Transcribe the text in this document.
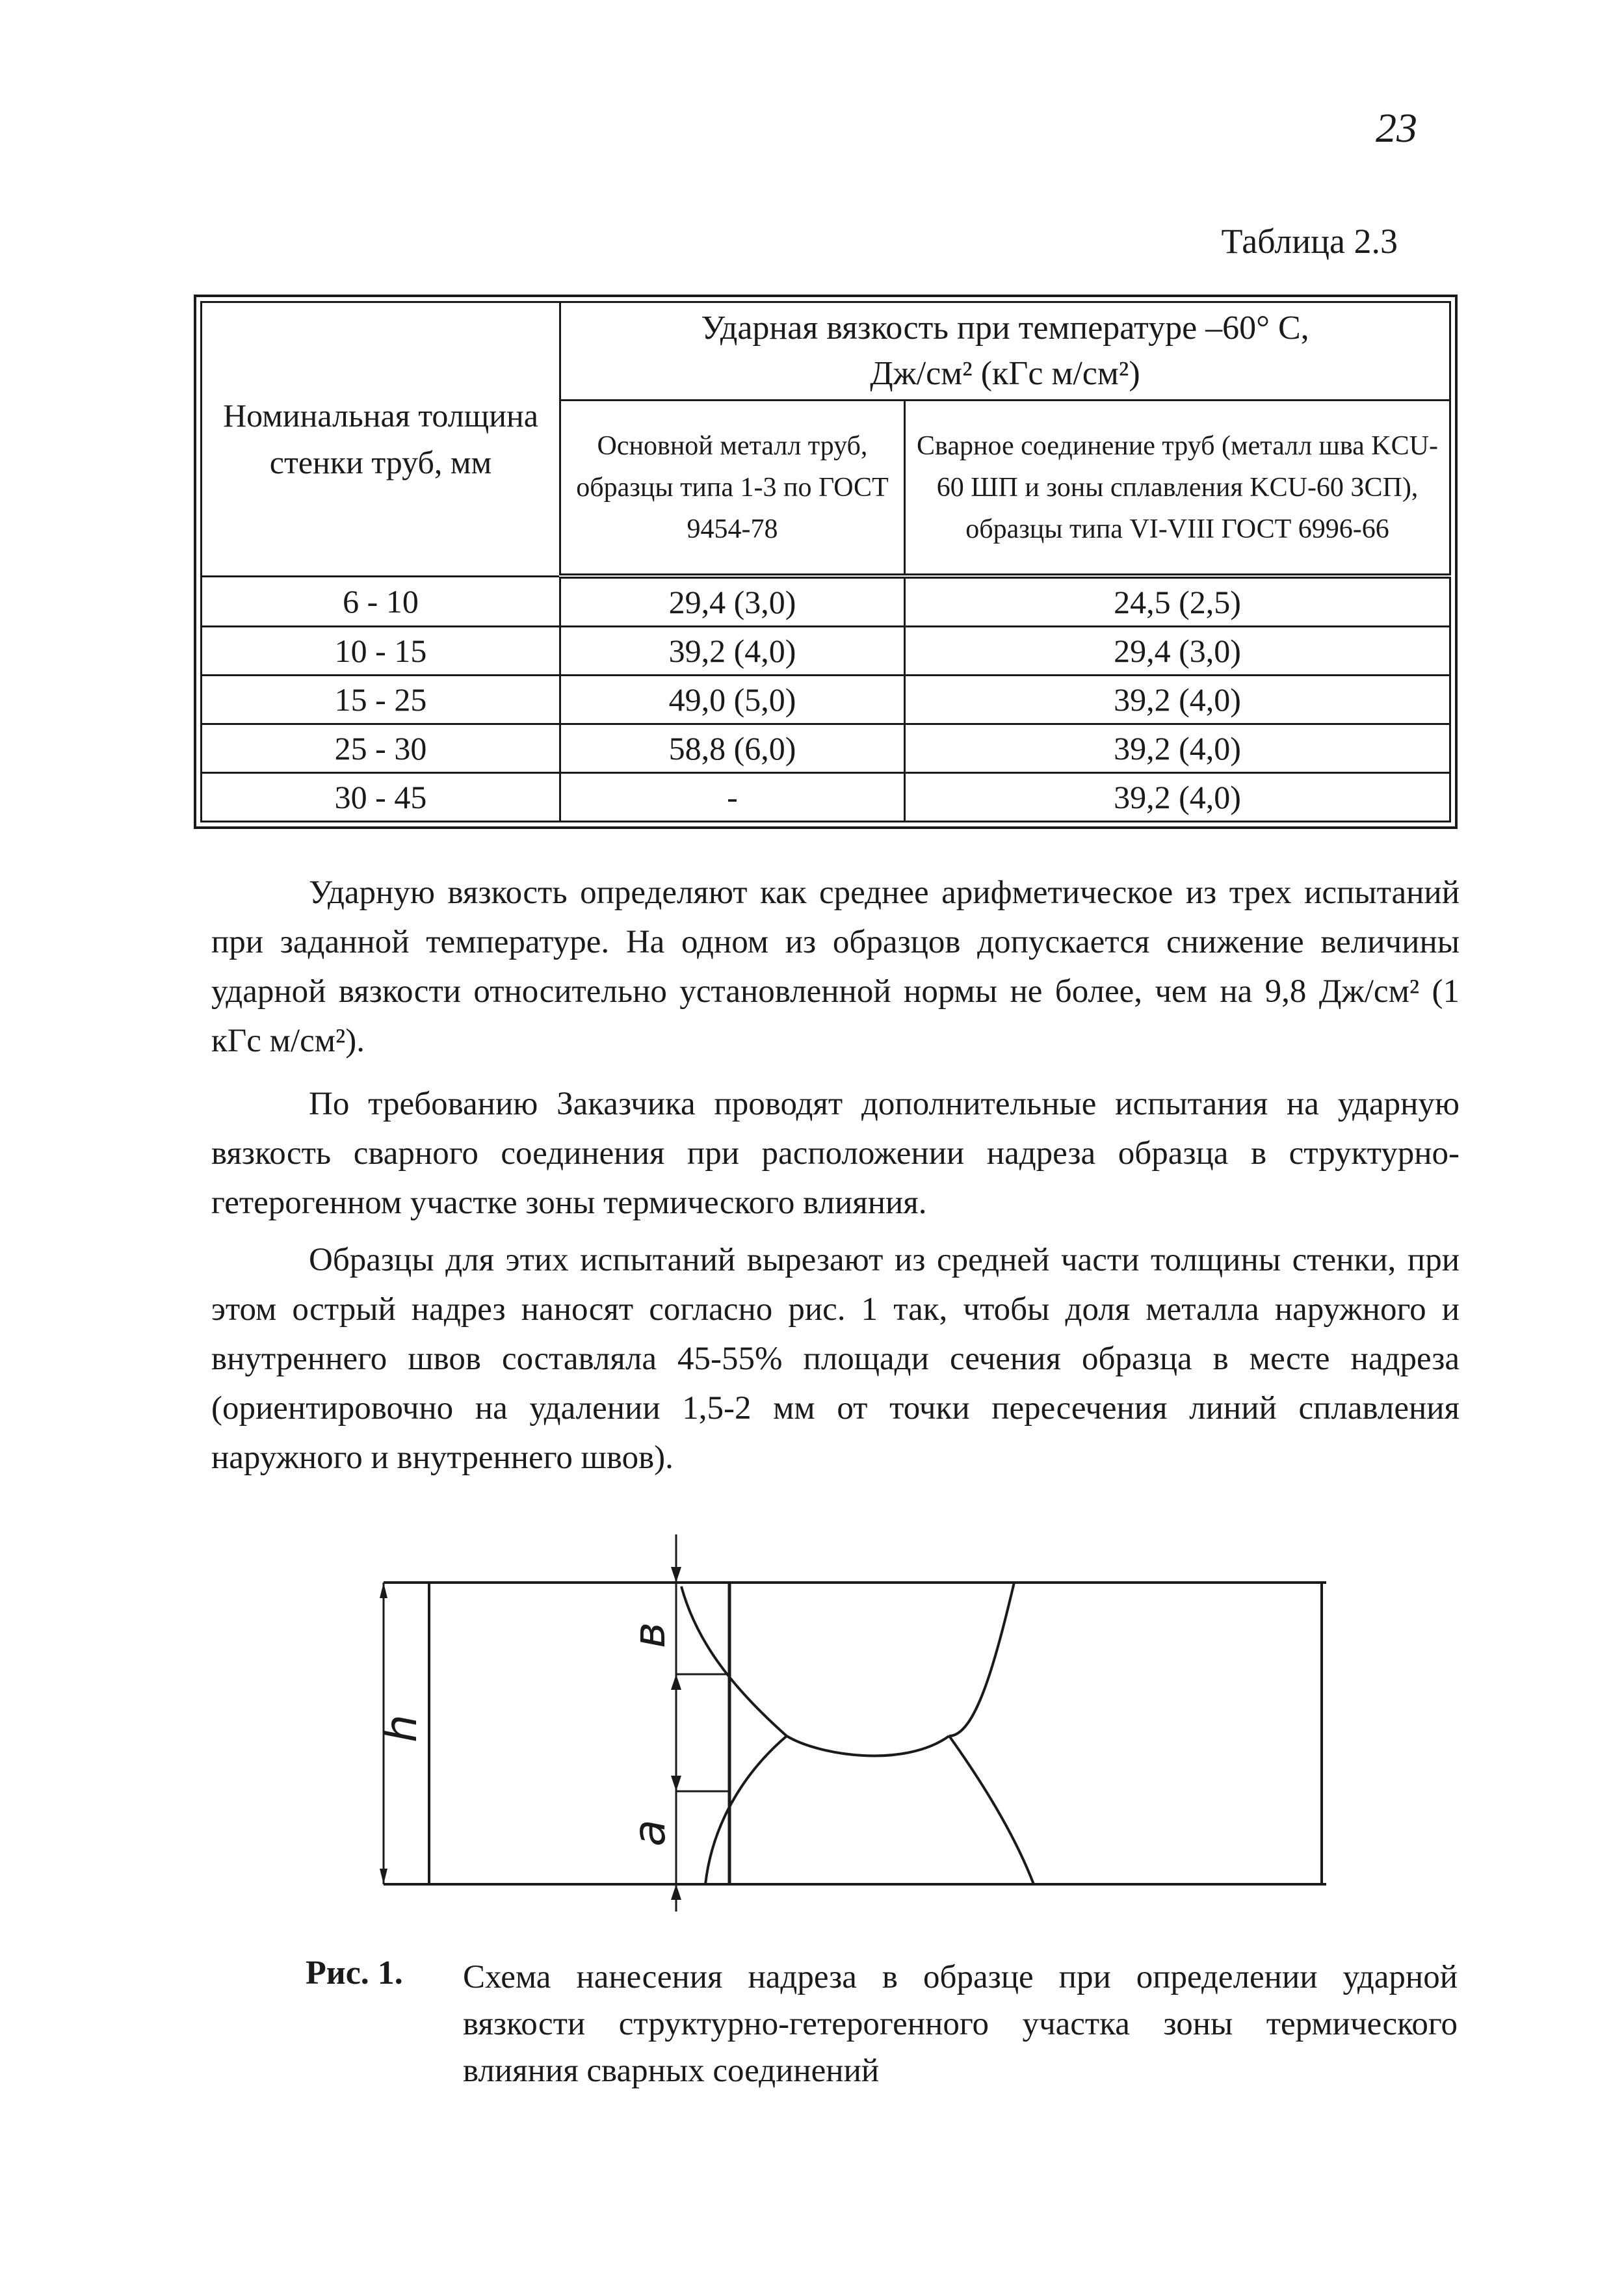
23
Таблица 2.3
Номинальная толщина стенки труб, мм	Ударная вязкость при температуре –60° С,
Дж/см² (кГс м/см²)	
	Основной металл труб, образцы типа 1-3 по ГОСТ 9454-78	Сварное соединение труб (металл шва KCU-60 ШП и зоны сплавления KCU-60 ЗСП), образцы типа VI-VIII ГОСТ 6996-66
6 - 10	29,4 (3,0)	24,5 (2,5)
10 - 15	39,2 (4,0)	29,4 (3,0)
15 - 25	49,0 (5,0)	39,2 (4,0)
25 - 30	58,8 (6,0)	39,2 (4,0)
30 - 45	-	39,2 (4,0)

Ударную вязкость определяют как среднее арифметическое из трех испытаний при заданной температуре. На одном из образцов допускается снижение величины ударной вязкости относительно установленной нормы не более, чем на 9,8 Дж/см² (1 кГс м/см²).

По требованию Заказчика проводят дополнительные испытания на ударную вязкость сварного соединения при расположении надреза образца в структурно-гетерогенном участке зоны термического влияния.

Образцы для этих испытаний вырезают из средней части толщины стенки, при этом острый надрез наносят согласно рис. 1 так, чтобы доля металла наружного и внутреннего швов составляла 45-55% площади сечения образца в месте надреза (ориентировочно на удалении 1,5-2 мм от точки пересечения линий сплавления наружного и внутреннего швов).

h
в
a
Рис. 1. Схема нанесения надреза в образце при определении ударной вязкости структурно-гетерогенного участка зоны термического влияния сварных соединений
